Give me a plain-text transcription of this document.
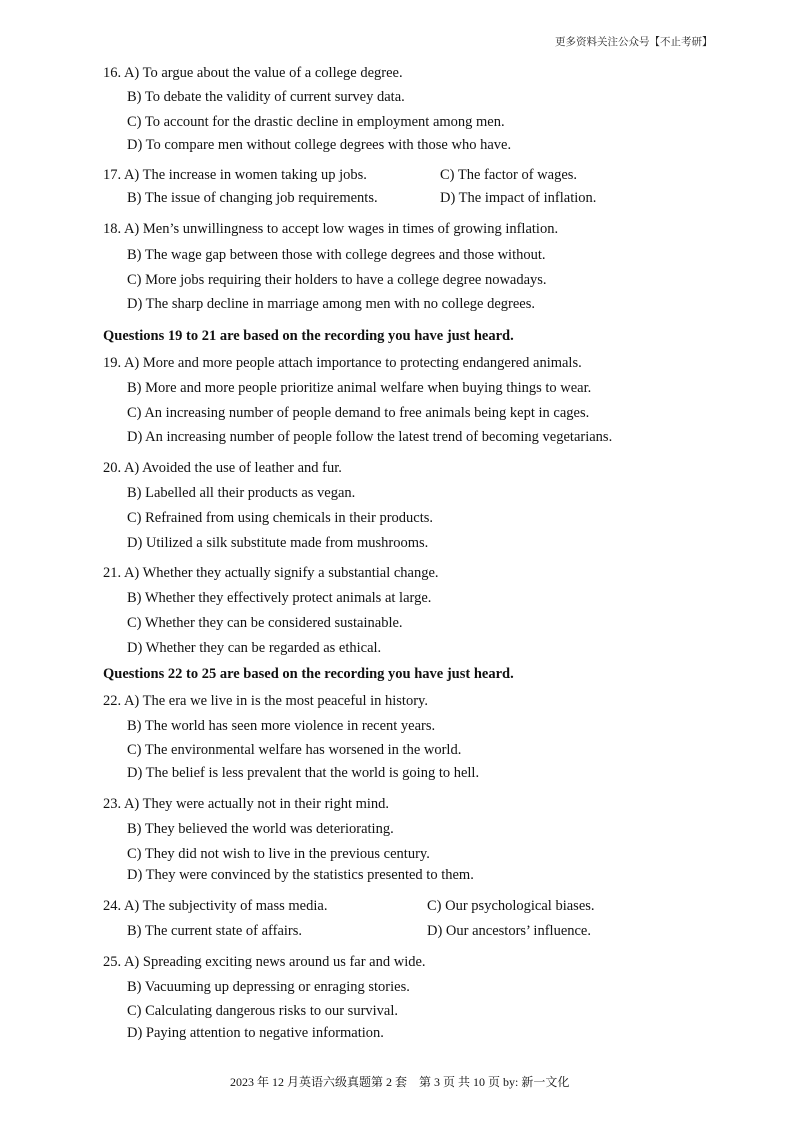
更多资料关注公众号【不止考研】
16. A) To argue about the value of a college degree.
B) To debate the validity of current survey data.
C) To account for the drastic decline in employment among men.
D) To compare men without college degrees with those who have.
17. A) The increase in women taking up jobs.
B) The issue of changing job requirements.
C) The factor of wages.
D) The impact of inflation.
18. A) Men’s unwillingness to accept low wages in times of growing inflation.
B) The wage gap between those with college degrees and those without.
C) More jobs requiring their holders to have a college degree nowadays.
D) The sharp decline in marriage among men with no college degrees.
Questions 19 to 21 are based on the recording you have just heard.
19. A) More and more people attach importance to protecting endangered animals.
B) More and more people prioritize animal welfare when buying things to wear.
C) An increasing number of people demand to free animals being kept in cages.
D) An increasing number of people follow the latest trend of becoming vegetarians.
20. A) Avoided the use of leather and fur.
B) Labelled all their products as vegan.
C) Refrained from using chemicals in their products.
D) Utilized a silk substitute made from mushrooms.
21. A) Whether they actually signify a substantial change.
B) Whether they effectively protect animals at large.
C) Whether they can be considered sustainable.
D) Whether they can be regarded as ethical.
Questions 22 to 25 are based on the recording you have just heard.
22. A) The era we live in is the most peaceful in history.
B) The world has seen more violence in recent years.
C) The environmental welfare has worsened in the world.
D) The belief is less prevalent that the world is going to hell.
23. A) They were actually not in their right mind.
B) They believed the world was deteriorating.
C) They did not wish to live in the previous century.
D) They were convinced by the statistics presented to them.
24. A) The subjectivity of mass media.
B) The current state of affairs.
C) Our psychological biases.
D) Our ancestors’ influence.
25. A) Spreading exciting news around us far and wide.
B) Vacuuming up depressing or enraging stories.
C) Calculating dangerous risks to our survival.
D) Paying attention to negative information.
2023 年 12 月英语六级真题第 2 套　第 3 页 共 10 页 by: 新一文化
